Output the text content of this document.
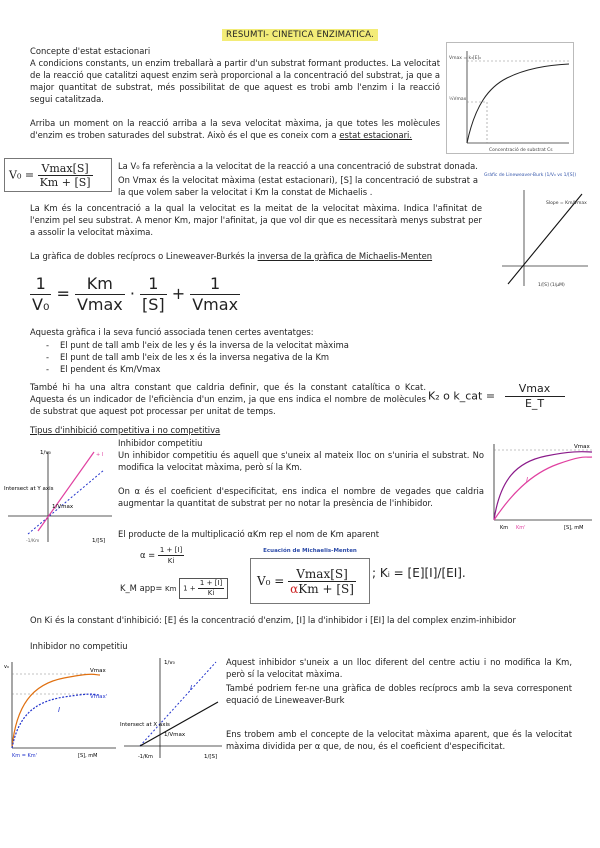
RESUMTI- CINETICA ENZIMATICA.
Concepte d'estat estacionari
A condicions constants, un enzim treballarà a partir d'un substrat formant productes. La velocitat de la reacció que catalitzi aquest enzim serà proporcional a la concentració del substrat, ja que a major quantitat de substrat, més possibilitat de que aquest es trobi amb l'enzim i la reacció segui catalitzada.
Arriba un moment on la reacció arriba a la seva velocitat màxima, ja que totes les molècules d'enzim es troben saturades del substrat. Això és el que es coneix com a estat estacionari.
Vmax = k₃[E]₀
½Vmax
Concentració de substrat Cs
$V_0 = \frac{Vmax[S]}{Km + [S]}$	La V₀ fa referència a la velocitat de la reacció a una concentració de substrat donada.
On Vmax és la velocitat màxima (estat estacionari), [S] la concentració de substrat a la que volem saber la velocitat i Km la constat de Michaelis .
Gràfic de Lineweaver-Burk (1/V₀ vs 1/[S])
Slope = Km/Vmax
1/[S] (1/μM)
La Km és la concentració a la qual la velocitat es la meitat de la velocitat màxima. Indica l'afinitat de l'enzim pel seu substrat. A menor Km, major l'afinitat, ja que vol dir que es necessitarà menys substrat per a assolir la velocitat màxima.
La gràfica de dobles recíprocs o Lineweaver-Burkés la inversa de la gràfica de Michaelis-Menten
$\frac{1}{\text{V₀}} = \frac{Km}{Vmax} \cdot \frac{1}{[S]} + \frac{1}{Vmax}$
Aquesta gràfica i la seva funció associada tenen certes aventatges:
- El punt de tall amb l'eix de les y és la inversa de la velocitat màxima
- El punt de tall amb l'eix de les x és la inversa negativa de la Km
- El pendent és Km/Vmax
També hi ha una altra constant que caldria definir, que és la constant catalítica o Kcat. Aquesta és un indicador de l'eficiència d'un enzim, ja que ens indica el nombre de molècules de substrat que aquest pot processar per unitat de temps.
K₂ o k_cat = $\frac{Vmax}{E\_T}$
Tipus d'inhibició competitiva i no competitiva
Inhibidor competitiu
Un inhibidor competitiu és aquell que s'uneix al mateix lloc on s'uniria el substrat. No modifica la velocitat màxima, però sí la Km.
On α és el coeficient d'especificitat, ens indica el nombre de vegades que caldria augmentar la quantitat de substrat per no notar la presència de l'inhibidor.
El producte de la multiplicació αKm rep el nom de Km aparent
1/v₀
1/[S]
Intersect at Y axis
1/Vmax
-1/Km
+ I
Vmax
I
Km Km'	[S], mM
$\alpha = \frac{1 + [I]}{Ki}$
K_M app= Km $1 + \frac{1 + [I]}{Ki}$
Ecuación de Michaelis-Menten
$V_0 = \frac{Vmax[S]}{\text{αKm + [S]}}$ ; Kᵢ = [E][I]/[EI].
On Ki és la constant d'inhibició: [E] és la concentració d'enzim, [I] la d'inhibidor i [EI] la del complex enzim-inhibidor
Inhibidor no competitiu
Vmax
Vmax'
I
Km = Km'	[S], mM
v₀
1/v₀
Intersect at X axis
1/Vmax
1/[S]
-1/Km
I
Aquest inhibidor s'uneix a un lloc diferent del centre actiu i no modifica la Km, però sí la velocitat màxima.
També podriem fer-ne una gràfica de dobles recíprocs amb la seva corresponent equació de Lineweaver-Burk
Ens trobem amb el concepte de la velocitat màxima aparent, que és la velocitat màxima dividida per α que, de nou, és el coeficient d'especificitat.
